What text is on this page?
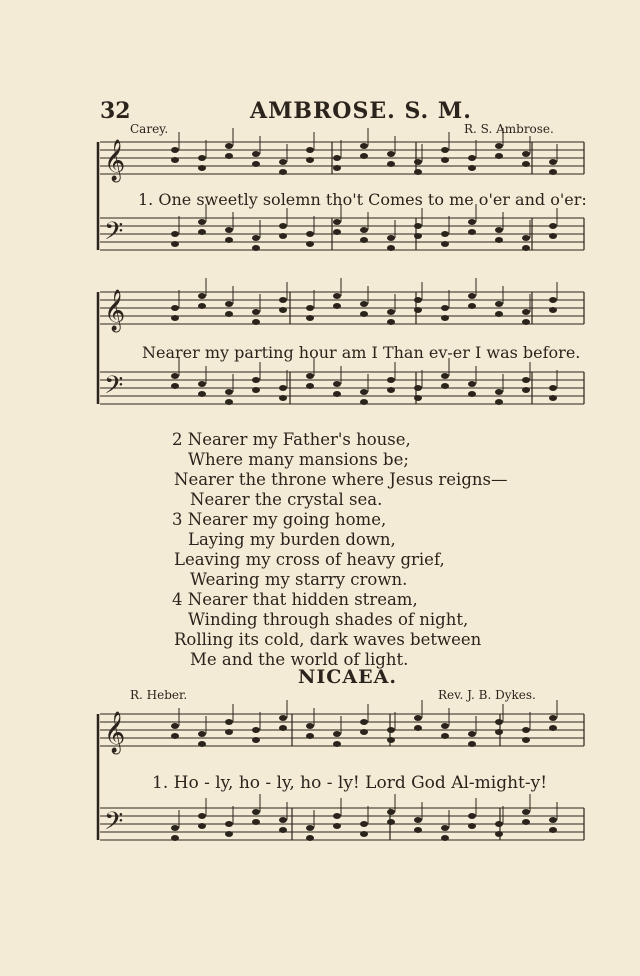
32	AMBROSE. S. M.
Carey.	R. S. Ambrose.
𝄞
𝄢
𝄞
𝄢
𝄞
𝄢
1. One sweetly solemn tho't Comes to me o'er and o'er:
Nearer my parting hour am I Than ev-er I was before.
2 Nearer my Father's house,
Where many mansions be;
Nearer the throne where Jesus reigns—
Nearer the crystal sea.
3 Nearer my going home,
Laying my burden down,
Leaving my cross of heavy grief,
Wearing my starry crown.
4 Nearer that hidden stream,
Winding through shades of night,
Rolling its cold, dark waves between
Me and the world of light.
NICAEA.
R. Heber.	Rev. J. B. Dykes.
1. Ho - ly, ho - ly, ho - ly! Lord God Al-might-y!
